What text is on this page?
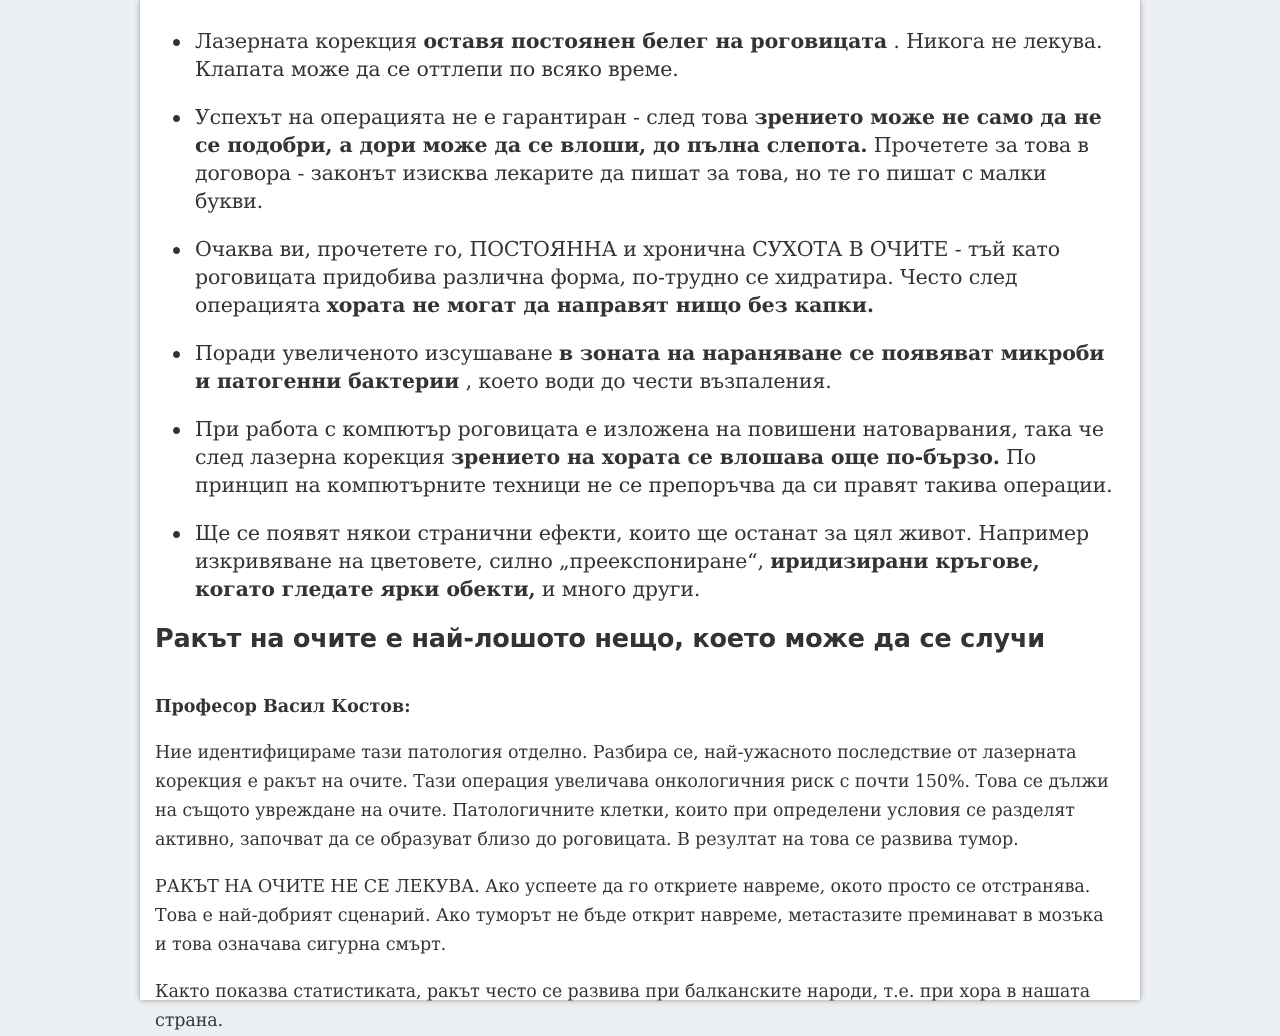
Лазерната корекция оставя постоянен белег на роговицата . Никога не лекува. Клапата може да се оттлепи по всяко време.
Успехът на операцията не е гарантиран - след това зрението може не само да не се подобри, а дори може да се влоши, до пълна слепота. Прочетете за това в договора - законът изисква лекарите да пишат за това, но те го пишат с малки букви.
Очаква ви, прочетете го, ПОСТОЯННА и хронична СУХОТА В ОЧИТЕ - тъй като роговицата придобива различна форма, по-трудно се хидратира. Често след операцията хората не могат да направят нищо без капки.
Поради увеличеното изсушаване в зоната на нараняване се появяват микроби и патогенни бактерии , което води до чести възпаления.
При работа с компютър роговицата е изложена на повишени натоварвания, така че след лазерна корекция зрението на хората се влошава още по-бързо. По принцип на компютърните техници не се препоръчва да си правят такива операции.
Ще се появят някои странични ефекти, които ще останат за цял живот. Например изкривяване на цветовете, силно „преекспониране“, иридизирани кръгове, когато гледате ярки обекти, и много други.
Ракът на очите е най-лошото нещо, което може да се случи

Професор Васил Костов:

Ние идентифицираме тази патология отделно. Разбира се, най-ужасното последствие от лазерната корекция е ракът на очите. Тази операция увеличава онкологичния риск с почти 150%. Това се дължи на същото увреждане на очите. Патологичните клетки, които при определени условия се разделят активно, започват да се образуват близо до роговицата. В резултат на това се развива тумор.

РАКЪТ НА ОЧИТЕ НЕ СЕ ЛЕКУВА. Ако успеете да го откриете навреме, окото просто се отстранява. Това е най-добрият сценарий. Ако туморът не бъде открит навреме, метастазите преминават в мозъка и това означава сигурна смърт.

Както показва статистиката, ракът често се развива при балканските народи, т.е. при хора в нашата страна.
